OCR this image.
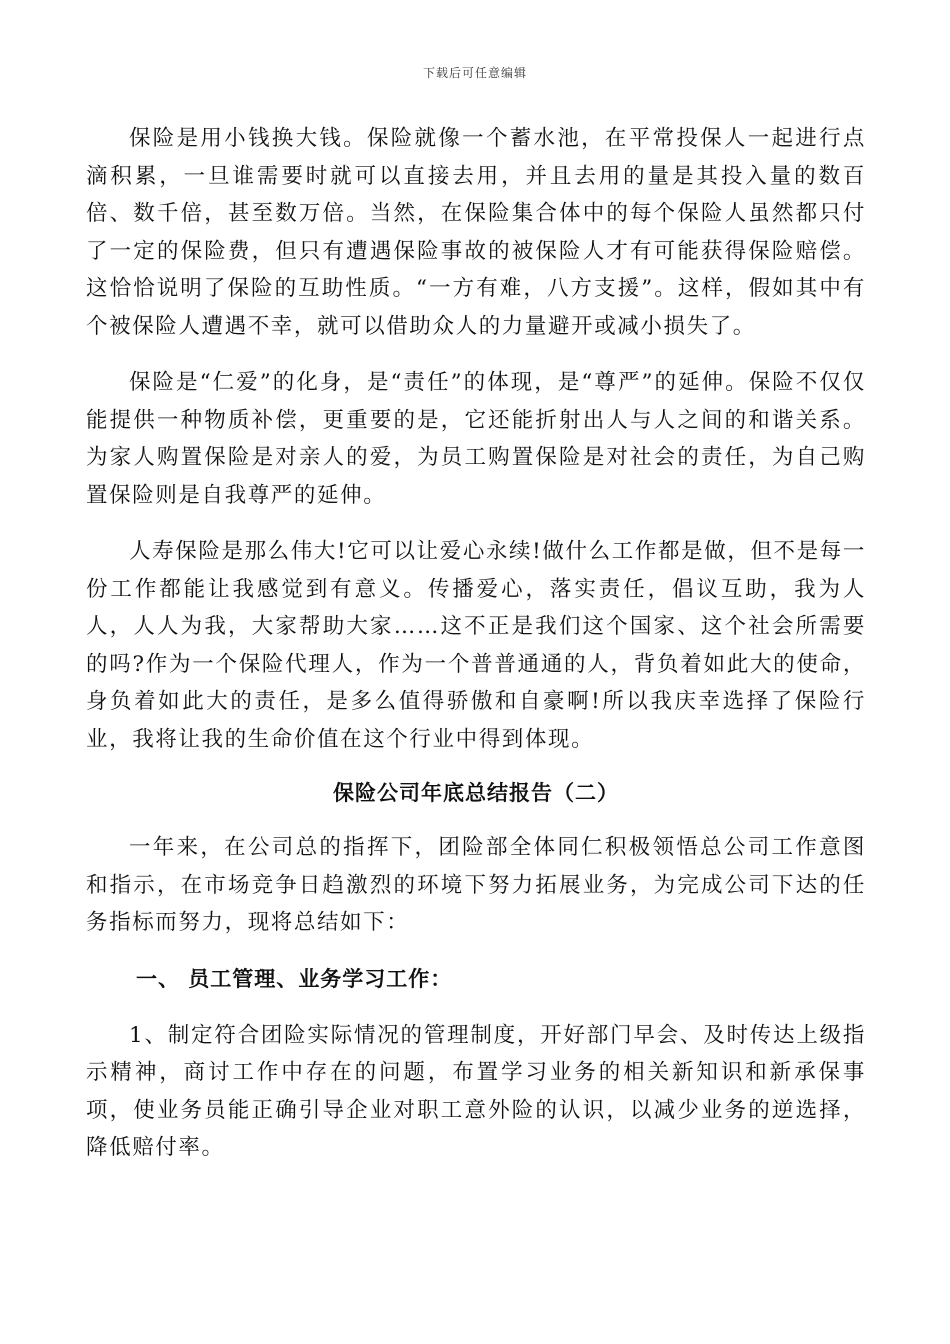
下载后可任意编辑

保险是用小钱换大钱。保险就像一个蓄水池，在平常投保人一起进行点滴积累，一旦谁需要时就可以直接去用，并且去用的量是其投入量的数百倍、数千倍，甚至数万倍。当然，在保险集合体中的每个保险人虽然都只付了一定的保险费，但只有遭遇保险事故的被保险人才有可能获得保险赔偿。这恰恰说明了保险的互助性质。“一方有难，八方支援”。这样，假如其中有个被保险人遭遇不幸，就可以借助众人的力量避开或减小损失了。

保险是“仁爱”的化身，是“责任”的体现，是“尊严”的延伸。保险不仅仅能提供一种物质补偿，更重要的是，它还能折射出人与人之间的和谐关系。为家人购置保险是对亲人的爱，为员工购置保险是对社会的责任，为自己购置保险则是自我尊严的延伸。

人寿保险是那么伟大!它可以让爱心永续!做什么工作都是做，但不是每一份工作都能让我感觉到有意义。传播爱心，落实责任，倡议互助，我为人人，人人为我，大家帮助大家……这不正是我们这个国家、这个社会所需要的吗?作为一个保险代理人，作为一个普普通通的人，背负着如此大的使命，身负着如此大的责任，是多么值得骄傲和自豪啊!所以我庆幸选择了保险行业，我将让我的生命价值在这个行业中得到体现。

保险公司年底总结报告（二）

一年来，在公司总的指挥下，团险部全体同仁积极领悟总公司工作意图和指示，在市场竞争日趋激烈的环境下努力拓展业务，为完成公司下达的任务指标而努力，现将总结如下：

一、 员工管理、业务学习工作：

1、制定符合团险实际情况的管理制度，开好部门早会、及时传达上级指示精神，商讨工作中存在的问题，布置学习业务的相关新知识和新承保事项，使业务员能正确引导企业对职工意外险的认识，以减少业务的逆选择，降低赔付率。
